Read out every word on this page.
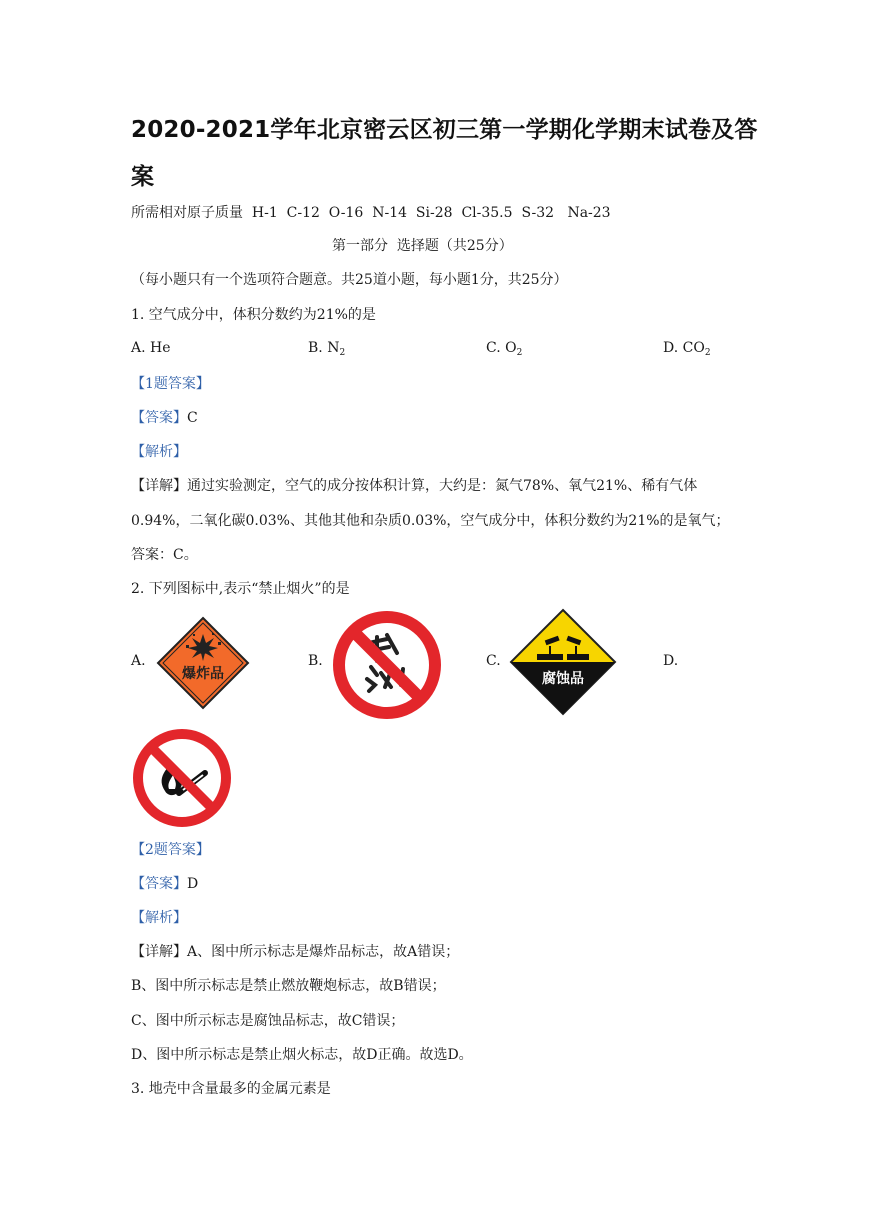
2020-2021学年北京密云区初三第一学期化学期末试卷及答
案
所需相对原子质量  H-1  C-12  O-16  N-14  Si-28  Cl-35.5  S-32   Na-23
第一部分  选择题（共25分）
（每小题只有一个选项符合题意。共25道小题，每小题1分，共25分）
1. 空气成分中，体积分数约为21%的是
A. He	B. $N_2$	C. $O_2$	D. $CO_2$
【1题答案】
【答案】C
【解析】
【详解】通过实验测定，空气的成分按体积计算，大约是：氮气78%、氧气21%、稀有气体
0.94%，二氧化碳0.03%、其他其他和杂质0.03%，空气成分中，体积分数约为21%的是氧气；
答案：C。
2. 下列图标中,表示“禁止烟火”的是
A.	B.	C.	D.
爆炸品	腐蚀品
【2题答案】
【答案】D
【解析】
【详解】A、图中所示标志是爆炸品标志，故A错误；
B、图中所示标志是禁止燃放鞭炮标志，故B错误；
C、图中所示标志是腐蚀品标志，故C错误；
D、图中所示标志是禁止烟火标志，故D正确。故选D。
3. 地壳中含量最多的金属元素是
